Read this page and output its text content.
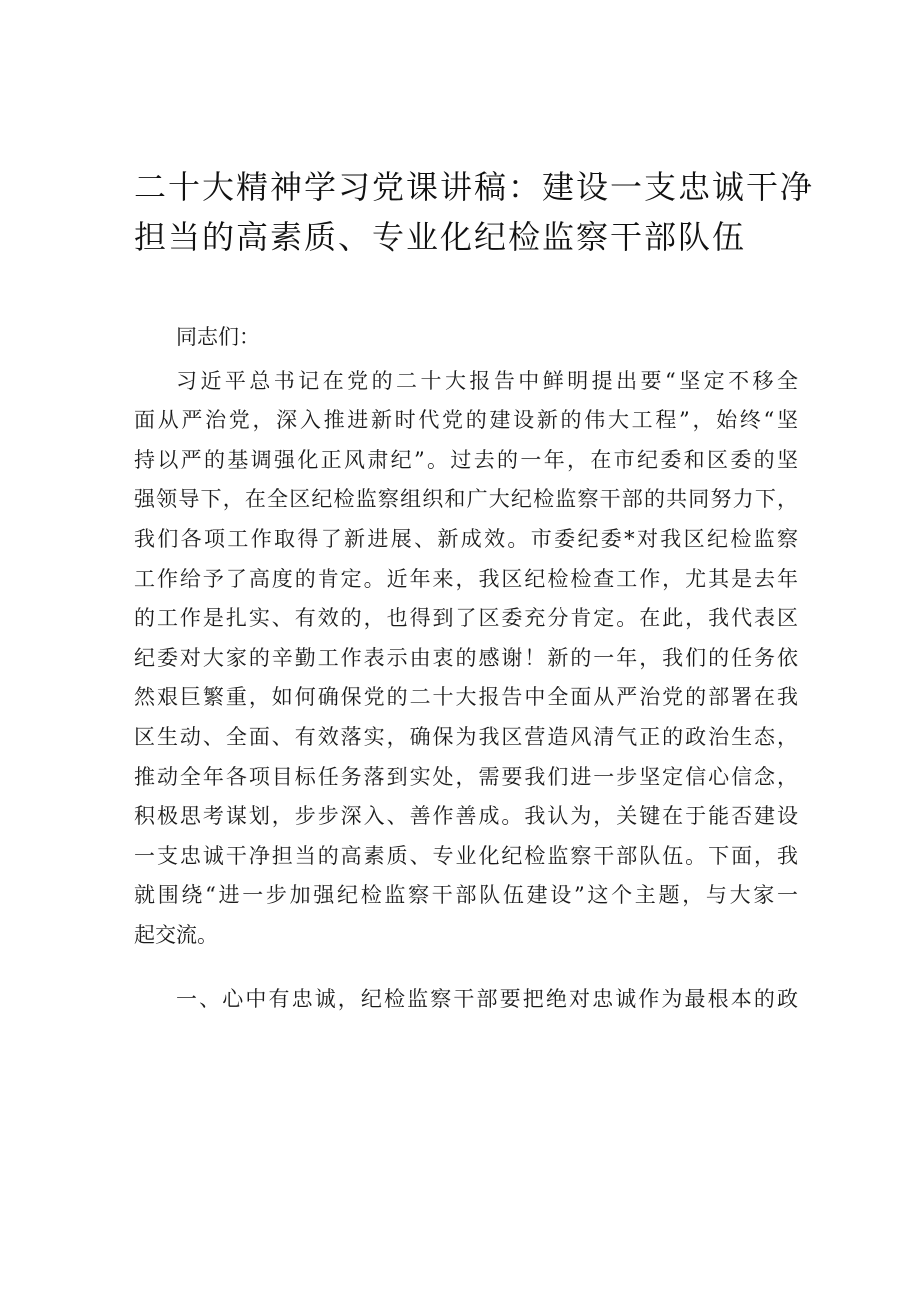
二十大精神学习党课讲稿：建设一支忠诚干净
担当的高素质、专业化纪检监察干部队伍
同志们：
习近平总书记在党的二十大报告中鲜明提出要“坚定不移全
面从严治党，深入推进新时代党的建设新的伟大工程”，始终“坚
持以严的基调强化正风肃纪”。过去的一年，在市纪委和区委的坚
强领导下，在全区纪检监察组织和广大纪检监察干部的共同努力下，
我们各项工作取得了新进展、新成效。市委纪委*对我区纪检监察
工作给予了高度的肯定。近年来，我区纪检检查工作，尤其是去年
的工作是扎实、有效的，也得到了区委充分肯定。在此，我代表区
纪委对大家的辛勤工作表示由衷的感谢！新的一年，我们的任务依
然艰巨繁重，如何确保党的二十大报告中全面从严治党的部署在我
区生动、全面、有效落实，确保为我区营造风清气正的政治生态，
推动全年各项目标任务落到实处，需要我们进一步坚定信心信念，
积极思考谋划，步步深入、善作善成。我认为，关键在于能否建设
一支忠诚干净担当的高素质、专业化纪检监察干部队伍。下面，我
就围绕“进一步加强纪检监察干部队伍建设”这个主题，与大家一
起交流。
一、心中有忠诚，纪检监察干部要把绝对忠诚作为最根本的政
